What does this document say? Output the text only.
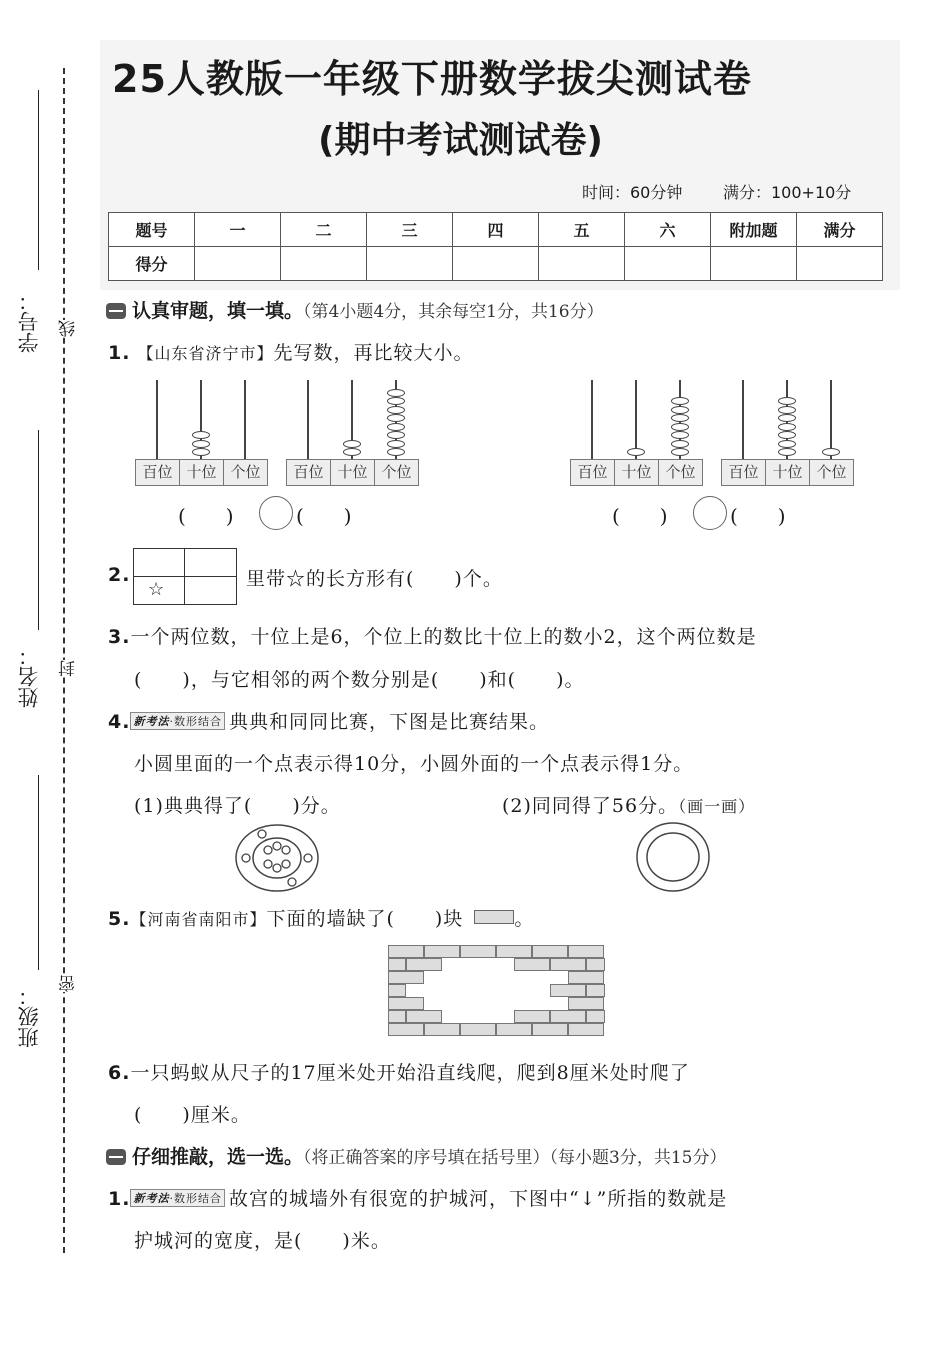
学号：
姓名：
班级：
线
封
密
25人教版一年级下册数学拔尖测试卷
(期中考试测试卷)
时间：60分钟	满分：100+10分
题号	一	二	三	四	五	六	附加题	满分
得分								
认真审题，填一填。（第4小题4分，其余每空1分，共16分）
1. 【山东省济宁市】先写数，再比较大小。
百位 十位 个位	百位 十位 个位	百位 十位 个位	百位 十位 个位
(　　)	(　　)	(　　)	(　　)
2.
☆	里带☆的长方形有(　　)个。
3.一个两位数，十位上是6，个位上的数比十位上的数小2，这个两位数是
(　　)，与它相邻的两个数分别是(　　)和(　　)。
4. 新考法·数形结合 典典和同同比赛，下图是比赛结果。
小圆里面的一个点表示得10分，小圆外面的一个点表示得1分。
(1)典典得了(　　)分。	(2)同同得了56分。（画一画）
5.【河南省南阳市】下面的墙缺了(　　)块	。
6.一只蚂蚁从尺子的17厘米处开始沿直线爬，爬到8厘米处时爬了
(　　)厘米。
仔细推敲，选一选。（将正确答案的序号填在括号里）（每小题3分，共15分）
1. 新考法·数形结合 故宫的城墙外有很宽的护城河，下图中“↓”所指的数就是
护城河的宽度，是(　　)米。
